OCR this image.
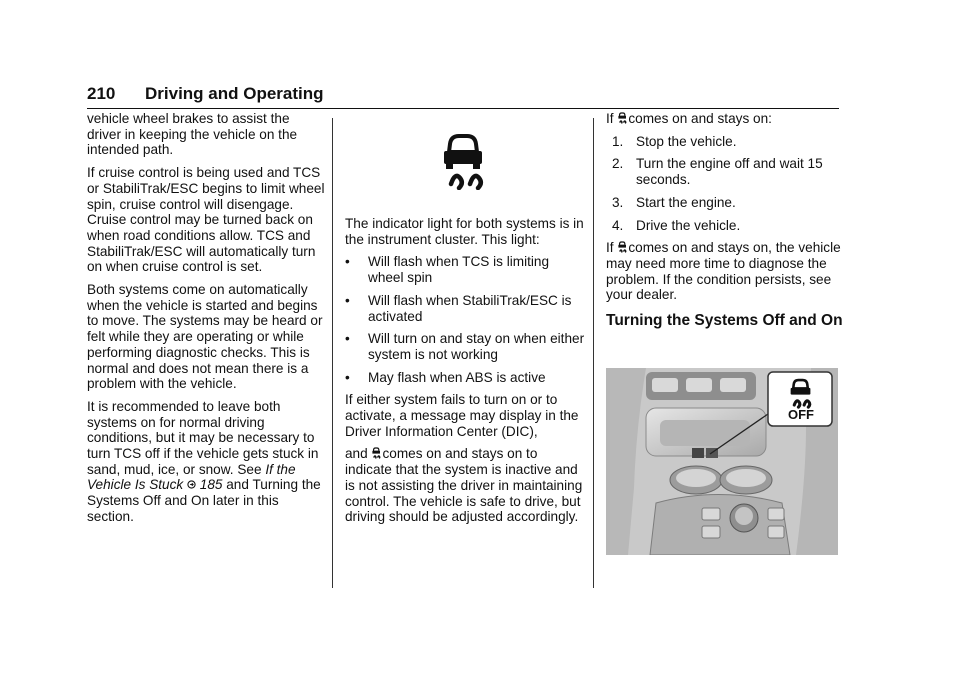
210 Driving and Operating

vehicle wheel brakes to assist the driver in keeping the vehicle on the intended path.

If cruise control is being used and TCS or StabiliTrak/ESC begins to limit wheel spin, cruise control will disengage. Cruise control may be turned back on when road conditions allow. TCS and StabiliTrak/ESC will automatically turn on when cruise control is set.

Both systems come on automatically when the vehicle is started and begins to move. The systems may be heard or felt while they are operating or while performing diagnostic checks. This is normal and does not mean there is a problem with the vehicle.

It is recommended to leave both systems on for normal driving conditions, but it may be necessary to turn TCS off if the vehicle gets stuck in sand, mud, ice, or snow. See If the Vehicle Is Stuck 185 and Turning the Systems Off and On later in this section.

The indicator light for both systems is in the instrument cluster. This light:

• Will flash when TCS is limiting wheel spin
• Will flash when StabiliTrak/ESC is activated
• Will turn on and stay on when either system is not working
• May flash when ABS is active

If either system fails to turn on or to activate, a message may display in the Driver Information Center (DIC),

and comes on and stays on to indicate that the system is inactive and is not assisting the driver in maintaining control. The vehicle is safe to drive, but driving should be adjusted accordingly.

If comes on and stays on:

1. Stop the vehicle.
2. Turn the engine off and wait 15 seconds.
3. Start the engine.
4. Drive the vehicle.

If comes on and stays on, the vehicle may need more time to diagnose the problem. If the condition persists, see your dealer.

Turning the Systems Off and On
OFF
